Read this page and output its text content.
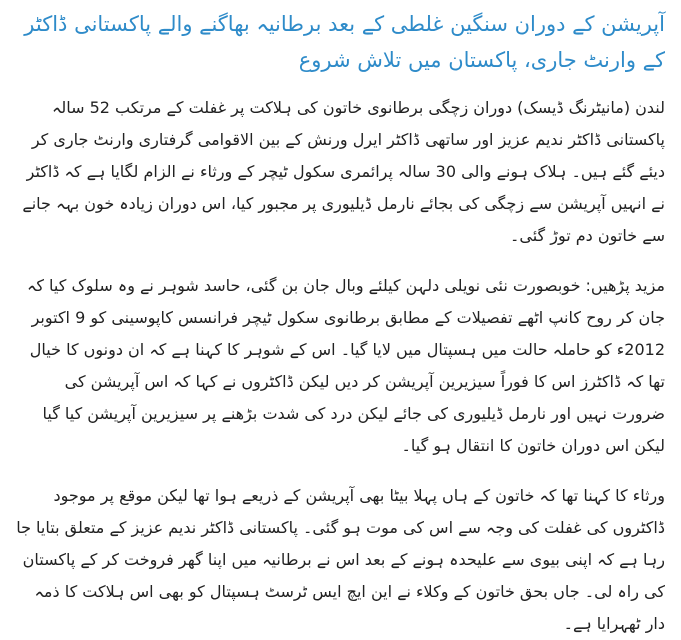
آپریشن کے دوران سنگین غلطی کے بعد برطانیہ بھاگنے والے پاکستانی ڈاکٹر کے وارنٹ جاری، پاکستان میں تلاش شروع

لندن (مانیٹرنگ ڈیسک) دوران زچگی برطانوی خاتون کی ہلاکت پر غفلت کے مرتکب 52 سالہ پاکستانی ڈاکٹر ندیم عزیز اور ساتھی ڈاکٹر ایرل ورنش کے بین الاقوامی گرفتاری وارنٹ جاری کر دیئے گئے ہیں۔ ہلاک ہونے والی 30 سالہ پرائمری سکول ٹیچر کے ورثاء نے الزام لگایا ہے کہ ڈاکٹر نے انہیں آپریشن سے زچگی کی بجائے نارمل ڈیلیوری پر مجبور کیا، اس دوران زیادہ خون بہہ جانے سے خاتون دم توڑ گئی۔

مزید پڑھیں: خوبصورت نئی نویلی دلہن کیلئے وبال جان بن گئی، حاسد شوہر نے وہ سلوک کیا کہ جان کر روح کانپ اٹھے تفصیلات کے مطابق برطانوی سکول ٹیچر فرانسس کاپوسینی کو 9 اکتوبر 2012ء کو حاملہ حالت میں ہسپتال میں لایا گیا۔ اس کے شوہر کا کہنا ہے کہ ان دونوں کا خیال تھا کہ ڈاکٹرز اس کا فوراً سیزیرین آپریشن کر دیں لیکن ڈاکٹروں نے کہا کہ اس آپریشن کی ضرورت نہیں اور نارمل ڈیلیوری کی جائے لیکن درد کی شدت بڑھنے پر سیزیرین آپریشن کیا گیا لیکن اس دوران خاتون کا انتقال ہو گیا۔

ورثاء کا کہنا تھا کہ خاتون کے ہاں پہلا بیٹا بھی آپریشن کے ذریعے ہوا تھا لیکن موقع پر موجود ڈاکٹروں کی غفلت کی وجہ سے اس کی موت ہو گئی۔ پاکستانی ڈاکٹر ندیم عزیز کے متعلق بتایا جا رہا ہے کہ اپنی بیوی سے علیحدہ ہونے کے بعد اس نے برطانیہ میں اپنا گھر فروخت کر کے پاکستان کی راہ لی۔ جاں بحق خاتون کے وکلاء نے این ایچ ایس ٹرسٹ ہسپتال کو بھی اس ہلاکت کا ذمہ دار ٹھہرایا ہے۔
